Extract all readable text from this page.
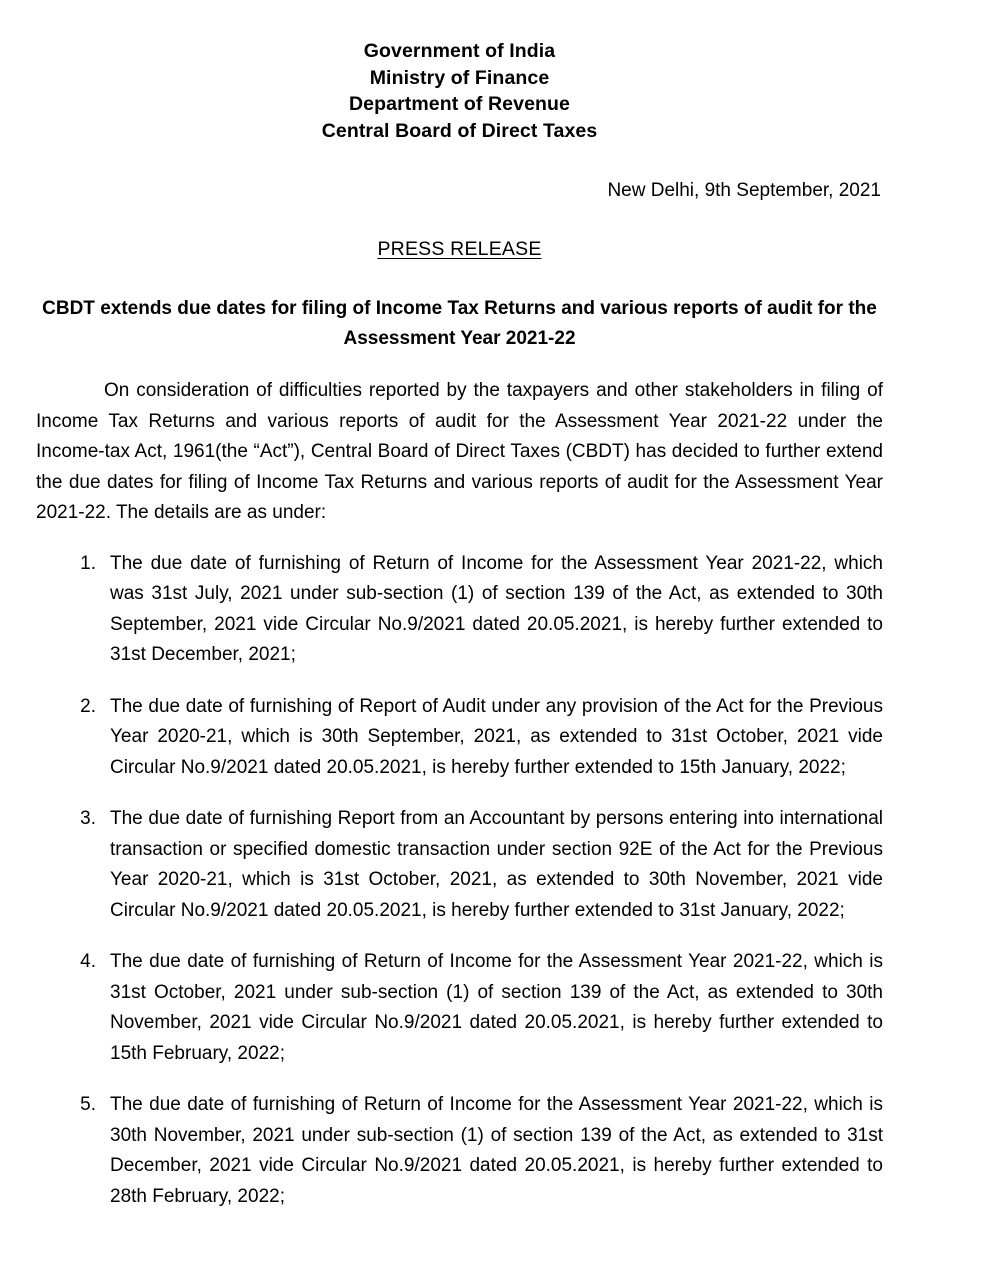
Government of India
Ministry of Finance
Department of Revenue
Central Board of Direct Taxes
New Delhi, 9th September, 2021
PRESS RELEASE
CBDT extends due dates for filing of Income Tax Returns and various reports of audit for the Assessment Year 2021-22
On consideration of difficulties reported by the taxpayers and other stakeholders in filing of Income Tax Returns and various reports of audit for the Assessment Year 2021-22 under the Income-tax Act, 1961(the “Act”), Central Board of Direct Taxes (CBDT) has decided to further extend the due dates for filing of Income Tax Returns and various reports of audit for the Assessment Year 2021-22. The details are as under:
The due date of furnishing of Return of Income for the Assessment Year 2021-22, which was 31st July, 2021 under sub-section (1) of section 139 of the Act, as extended to 30th September, 2021 vide Circular No.9/2021 dated 20.05.2021, is hereby further extended to 31st December, 2021;
The due date of furnishing of Report of Audit under any provision of the Act for the Previous Year 2020-21, which is 30th September, 2021, as extended to 31st October, 2021 vide Circular No.9/2021 dated 20.05.2021, is hereby further extended to 15th January, 2022;
The due date of furnishing Report from an Accountant by persons entering into international transaction or specified domestic transaction under section 92E of the Act for the Previous Year 2020-21, which is 31st October, 2021, as extended to 30th November, 2021 vide Circular No.9/2021 dated 20.05.2021, is hereby further extended to 31st January, 2022;
The due date of furnishing of Return of Income for the Assessment Year 2021-22, which is 31st October, 2021 under sub-section (1) of section 139 of the Act, as extended to 30th November, 2021 vide Circular No.9/2021 dated 20.05.2021, is hereby further extended to 15th February, 2022;
The due date of furnishing of Return of Income for the Assessment Year 2021-22, which is 30th November, 2021 under sub-section (1) of section 139 of the Act, as extended to 31st December, 2021 vide Circular No.9/2021 dated 20.05.2021, is hereby further extended to 28th February, 2022;
